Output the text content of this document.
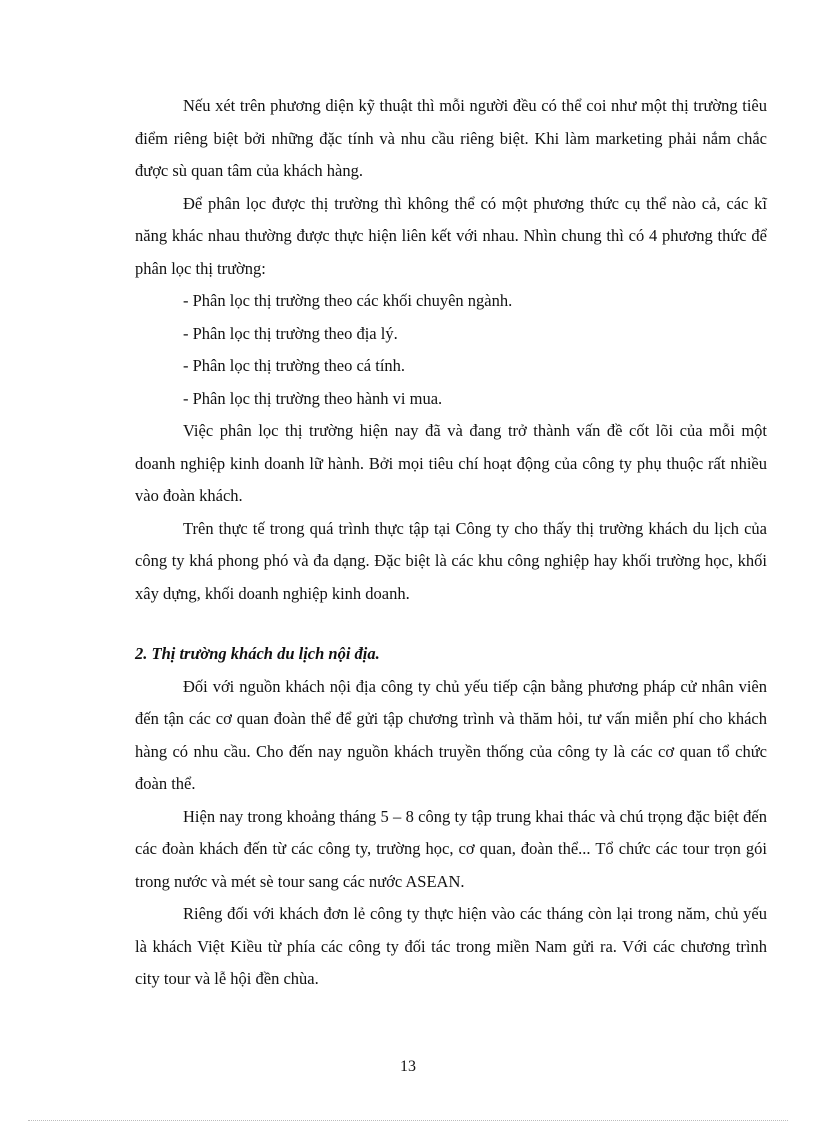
Nếu xét trên phương diện kỹ thuật thì mỗi người đều có thể coi như một thị trường tiêu điểm riêng biệt bởi những đặc tính và nhu cầu riêng biệt. Khi làm marketing phải nắm chắc được sù quan tâm của khách hàng.

Để phân lọc được thị trường thì không thể có một phương thức cụ thể nào cả, các kĩ năng khác nhau thường được thực hiện liên kết với nhau. Nhìn chung thì có 4 phương thức để phân lọc thị trường:

- Phân lọc thị trường theo các khối chuyên ngành.

- Phân lọc thị trường theo địa lý.

- Phân lọc thị trường theo cá tính.

- Phân lọc thị trường theo hành vi mua.

Việc phân lọc thị trường hiện nay đã và đang trở thành vấn đề cốt lõi của mỗi một doanh nghiệp kinh doanh lữ hành. Bởi mọi tiêu chí hoạt động của công ty phụ thuộc rất nhiều vào đoàn khách.

Trên thực tế trong quá trình thực tập tại Công ty cho thấy thị trường khách du lịch của công ty khá phong phó và đa dạng. Đặc biệt là các khu công nghiệp hay khối trường học, khối xây dựng, khối doanh nghiệp kinh doanh.

2. Thị trường khách du lịch nội địa.

Đối với nguồn khách nội địa công ty chủ yếu tiếp cận bằng phương pháp cử nhân viên đến tận các cơ quan đoàn thể để gửi tập chương trình và thăm hỏi, tư vấn miễn phí cho khách hàng có nhu cầu. Cho đến nay nguồn khách truyền thống của công ty là các cơ quan tổ chức đoàn thể.

Hiện nay trong khoảng tháng 5 – 8 công ty tập trung khai thác và chú trọng đặc biệt đến các đoàn khách đến từ các công ty, trường học, cơ quan, đoàn thể... Tổ chức các tour trọn gói trong nước và mét sè tour sang các nước ASEAN.

Riêng đối với khách đơn lẻ công ty thực hiện vào các tháng còn lại trong năm, chủ yếu là khách Việt Kiều từ phía các công ty đối tác trong miền Nam gửi ra. Với các chương trình city tour và lễ hội đền chùa.

13
